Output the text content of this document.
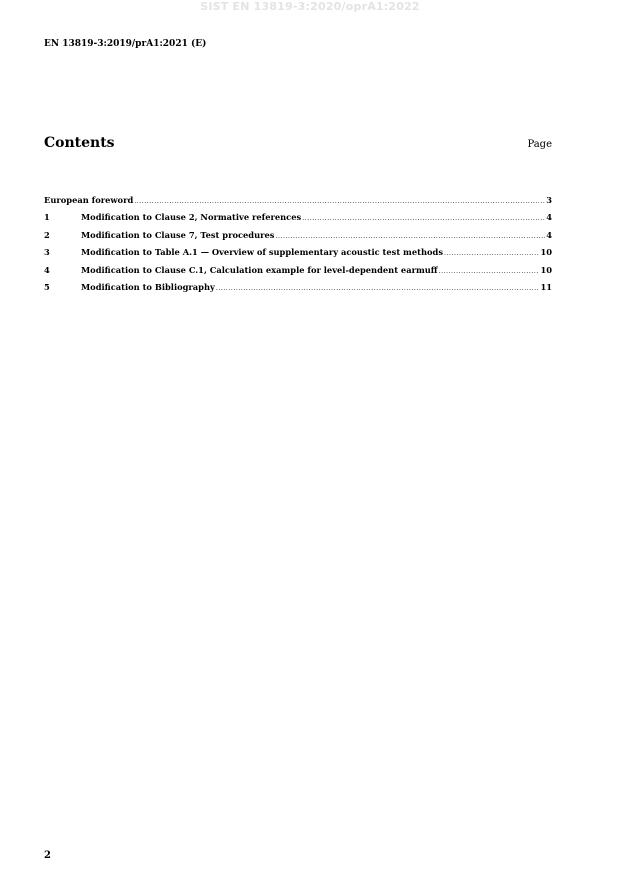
SIST EN 13819-3:2020/oprA1:2022
EN 13819-3:2019/prA1:2021 (E)
Contents	Page
European foreword .....	3
1	Modification to Clause 2, Normative references .....	4
2	Modification to Clause 7, Test procedures .....	4
3	Modification to Table A.1 — Overview of supplementary acoustic test methods .....	10
4	Modification to Clause C.1, Calculation example for level-dependent earmuff .....	10
5	Modification to Bibliography .....	11
2
